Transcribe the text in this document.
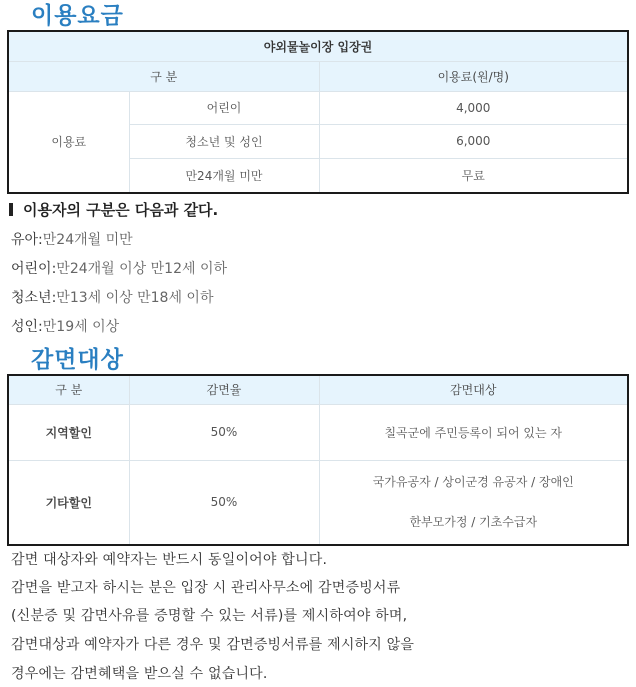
이용요금
야외물놀이장 입장권		
구 분		이용료(원/명)
이용료	어린이	4,000
	청소년 및 성인	6,000
	만24개월 미만	무료
이용자의 구분은 다음과 같다.
유아:만24개월 미만
어린이:만24개월 이상 만12세 이하
청소년:만13세 이상 만18세 이하
성인:만19세 이상
감면대상
구 분	감면율	감면대상
지역할인	50%	칠곡군에 주민등록이 되어 있는 자
기타할인	50%	국가유공자 / 상이군경 유공자 / 장애인
한부모가정 / 기초수급자
감면 대상자와 예약자는 반드시 동일이어야 합니다.
감면을 받고자 하시는 분은 입장 시 관리사무소에 감면증빙서류
(신분증 및 감면사유를 증명할 수 있는 서류)를 제시하여야 하며,
감면대상과 예약자가 다른 경우 및 감면증빙서류를 제시하지 않을
경우에는 감면혜택을 받으실 수 없습니다.
